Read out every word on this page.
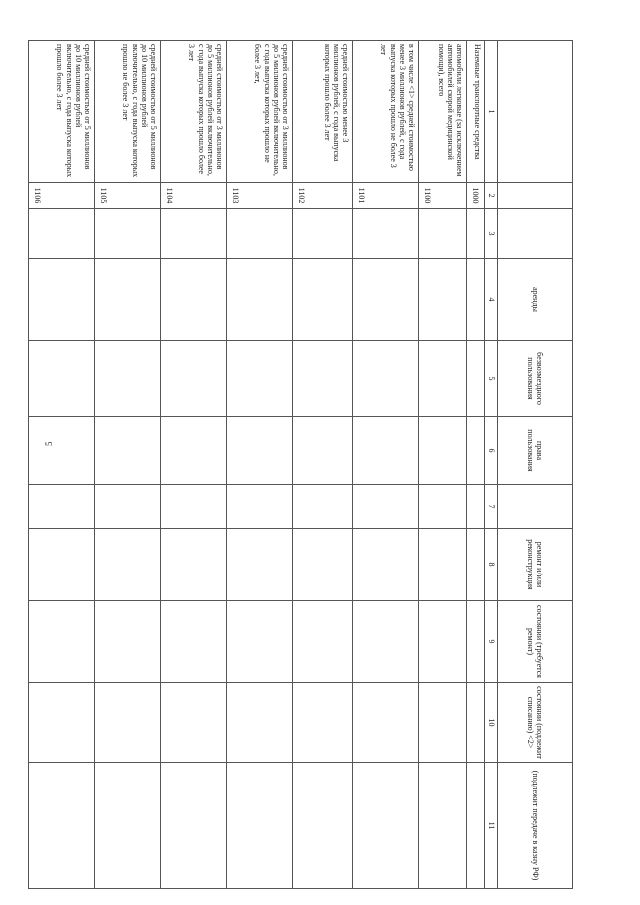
5
			аренды	безвозмездного пользования	права пользования		ремонт и/или реконструкция	состоянии (требуется ремонт)	состоянии (подлежит списанию) <2>	(подлежит передаче в казну РФ)
1	2	3	4	5	6	7	8	9	10	11
Наземные транспортные средства	1000									
автомобили легковые (за исключением автомобилей скорой медицинской помощи), всего	1100									
в том числе <1> средней стоимостью менее 3 миллионов рублей, с года выпуска которых прошло не более 3 лет	1101									
средней стоимостью менее 3 миллионов рублей, с года выпуска которых прошло более 3 лет	1102									
средней стоимостью от 3 миллионов до 5 миллионов рублей включительно, с года выпуска которых прошло не более 3 лет,	1103									
средней стоимостью от 3 миллионов до 5 миллионов рублей включительно, с года выпуска которых прошло более 3 лет	1104									
средней стоимостью от 5 миллионов до 10 миллионов рублей включительно, с года выпуска которых прошло не более 3 лет	1105									
средней стоимостью от 5 миллионов до 10 миллионов рублей включительно, с года выпуска которых прошло более 3 лет	1106									
